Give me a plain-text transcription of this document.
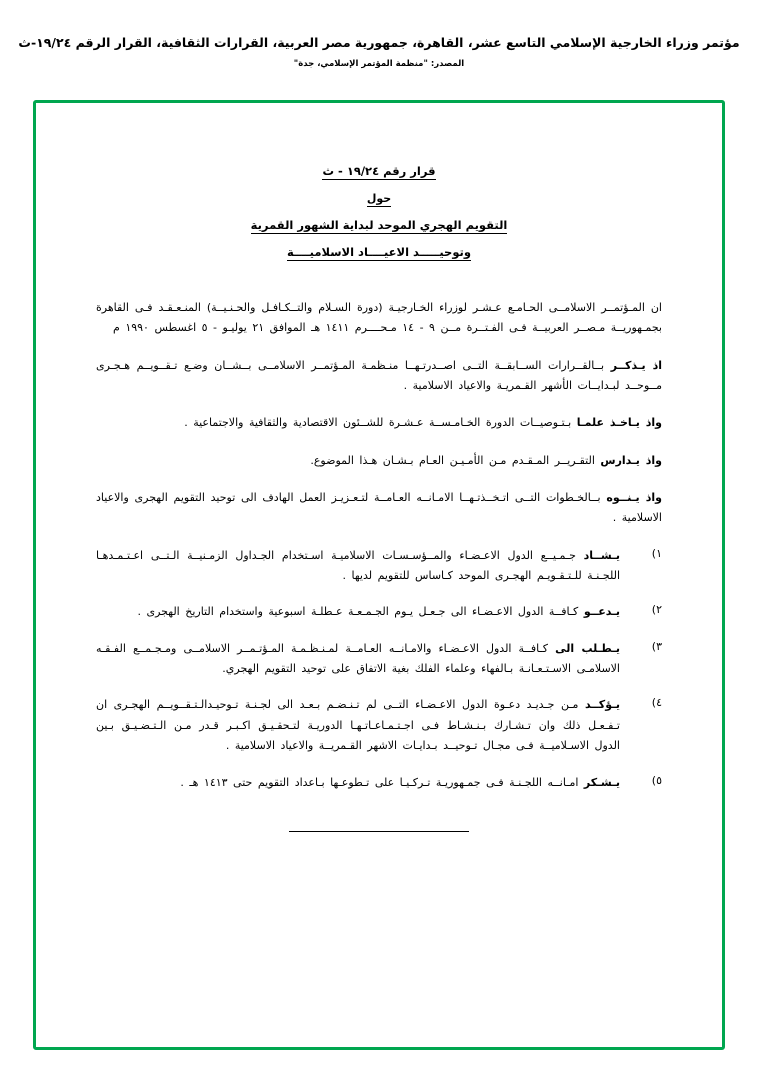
مؤتمر وزراء الخارجية الإسلامي التاسع عشر، القاهرة، جمهورية مصر العربية، القرارات الثقافية، القرار الرقم ١٩/٢٤-ث
المصدر: "منظمة المؤتمر الإسلامي، جدة"
قرار رقم ١٩/٢٤ - ث
حول
التقويم الهجري الموحد لبداية الشهور القمرية
وتوحيـــــد الاعيــــاد الاسلاميــــة

ان المـؤتمــر الاسلامــى الحـامـع عـشـر لوزراء الخـارجيـة (دورة السـلام والتــكـافـل والحـنـيــة) المنـعـقـد فـى القاهرة بجمـهوريــة مـصــر العربيــة فـى الفـتــرة مــن ٩ - ١٤ مـحــــرم ١٤١١ هـ الموافق ٢١ يوليـو - ٥ اغسطس ١٩٩٠ م

اذ يـذكــر بــالقــرارات الســابقــة التــى اصــدرتـهــا منـظمـة المـؤتمــر الاسلامــى بــشــان وضـع تـقــويــم هـجـرى مــوحــد لبـدايــات الأشهر القـمريـة والاعياد الاسلامية .

واذ يـاخـذ علمـا بـتـوصيــات الدورة الخـامـســة عـشـرة للشــئون الاقتصادية والثقافية والاجتماعية .

واذ يـدارس التقـريــر المـقـدم مـن الأمـيـن العـام بـشـان هـذا الموضوع.

واذ يـنــوه بــالخـطوات التــى اتـخــذتـهــا الامـانــه العـامــة لتـعـزيـز العمل الهادف الى توحيد التقويم الهجرى والاعياد الاسلامية .

١)
يـشــاد جـمـيــع الدول الاعـضـاء والمــؤسـسـات الاسلاميـة اسـتخدام الجـداول الزمـنيــة الـتــى اعـتـمـدهـا اللجـنـة للـتـقـويـم الهجـرى الموحد كـاساس للتقويم لديها .
٢)
يـدعــو كـافــة الدول الاعـضـاء الى جـعـل يـوم الجـمـعـة عـطلـة اسبوعية واستخدام التاريخ الهجرى .
٣)
يـطـلب الى كـافــة الدول الاعـضـاء والامـانــه العـامــة لمـنـظـمـة المـؤتـمــر الاسلامــى ومـجـمــع الفـقـه الاسلامـى الاسـتـعـانـة بـالفهاء وعلماء الفلك بغية الاتفاق على توحيد التقويم الهجري.
٤)
يـؤكــد مـن جـديـد دعـوة الدول الاعـضـاء التــى لم تـنـضـم بـعـد الى لجـنـة تـوحيـدالـتـقــويــم الهجـرى ان تـفـعـل ذلك وان تـشـارك بـنـشـاط فـى اجـتـمـاعـاتـهـا الدوريـة لتـحقـيـق اكـبـر قـدر مـن الـتـضـيـق بـين الدول الاسـلاميــة فـى مجـال تـوحيــد بـدايـات الاشهر القـمريــة والاعياد الاسلامية .
٥)
يـشـكر امـانــه اللجـنـة فـى جمـهوريـة تـركـيـا على تـطوعـها بـاعداد التقويم حتى ١٤١٣ هـ .
